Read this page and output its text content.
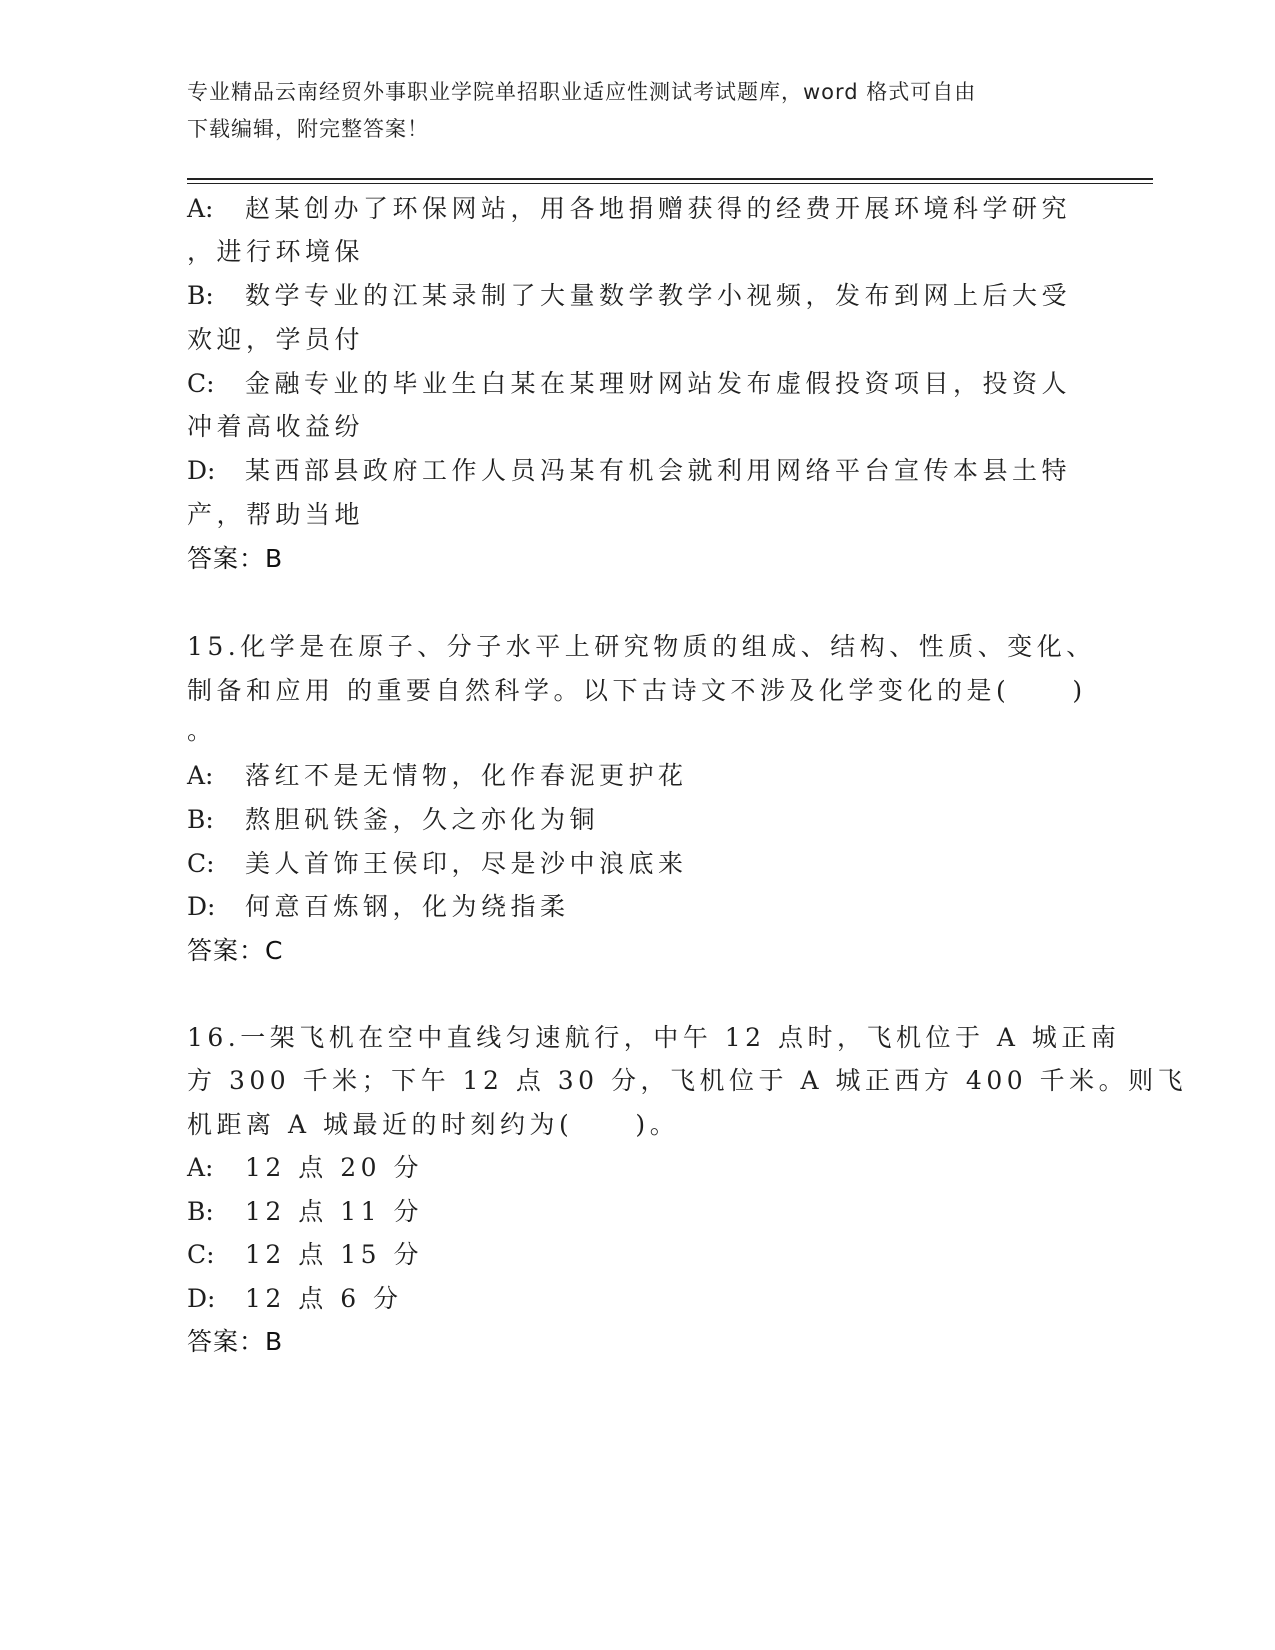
专业精品云南经贸外事职业学院单招职业适应性测试考试题库，word 格式可自由
下载编辑，附完整答案！
A: 赵某创办了环保网站，用各地捐赠获得的经费开展环境科学研究
，进行环境保
B: 数学专业的江某录制了大量数学教学小视频，发布到网上后大受
欢迎，学员付
C: 金融专业的毕业生白某在某理财网站发布虚假投资项目，投资人
冲着高收益纷
D: 某西部县政府工作人员冯某有机会就利用网络平台宣传本县土特
产，帮助当地
答案：B
15.化学是在原子、分子水平上研究物质的组成、结构、性质、变化、
制备和应用 的重要自然科学。以下古诗文不涉及化学变化的是(     )
。
A: 落红不是无情物，化作春泥更护花
B: 熬胆矾铁釜，久之亦化为铜
C: 美人首饰王侯印，尽是沙中浪底来
D: 何意百炼钢，化为绕指柔
答案：C
16.一架飞机在空中直线匀速航行，中午 12 点时，飞机位于 A 城正南
方 300 千米；下午 12 点 30 分，飞机位于 A 城正西方 400 千米。则飞
机距离 A 城最近的时刻约为(     )。
A: 12 点 20 分
B: 12 点 11 分
C: 12 点 15 分
D: 12 点 6 分
答案：B
